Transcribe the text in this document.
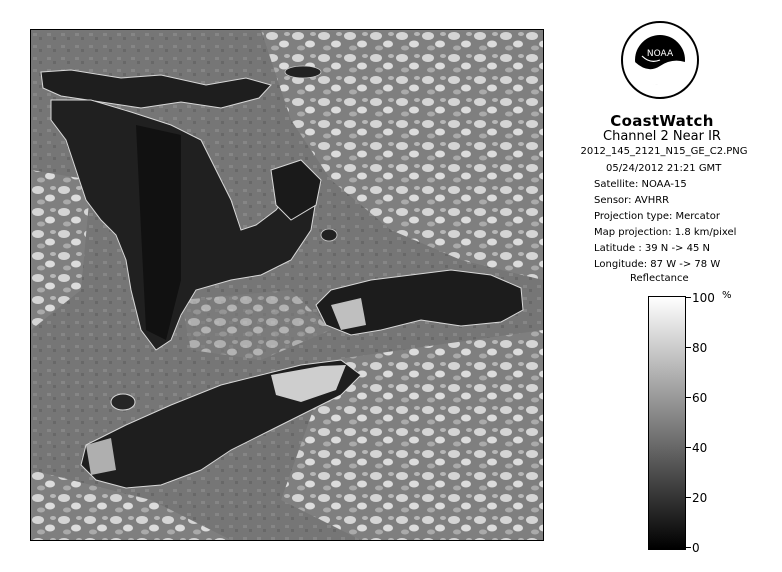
NOAA
CoastWatch
Channel 2 Near IR
2012_145_2121_N15_GE_C2.PNG
05/24/2012 21:21 GMT
Satellite: NOAA-15
Sensor: AVHRR
Projection type: Mercator
Map projection: 1.8 km/pixel
Latitude : 39 N -> 45 N
Longitude: 87 W -> 78 W
Reflectance
%
100
80
60
40
20
0
